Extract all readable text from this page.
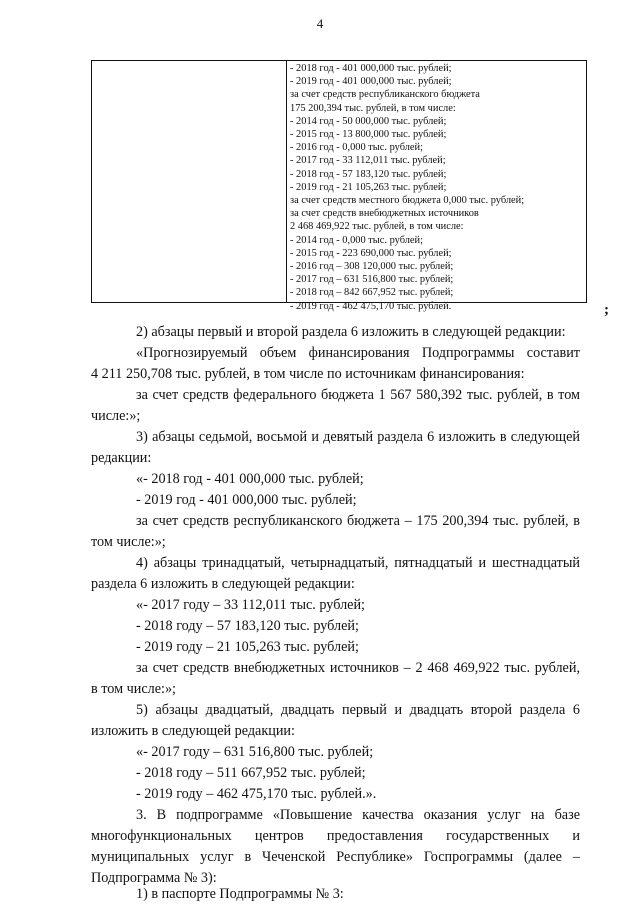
4
- 2018 год - 401 000,000 тыс. рублей;
- 2019 год - 401 000,000 тыс. рублей;
за счет средств республиканского бюджета
175 200,394 тыс. рублей, в том числе:
- 2014 год - 50 000,000 тыс. рублей;
- 2015 год - 13 800,000 тыс. рублей;
- 2016 год - 0,000 тыс. рублей;
- 2017 год - 33 112,011 тыс. рублей;
- 2018 год - 57 183,120 тыс. рублей;
- 2019 год - 21 105,263 тыс. рублей;
за счет средств местного бюджета 0,000 тыс. рублей;
за счет средств внебюджетных источников
2 468 469,922 тыс. рублей, в том числе:
- 2014 год - 0,000 тыс. рублей;
- 2015 год - 223 690,000 тыс. рублей;
- 2016 год – 308 120,000 тыс. рублей;
- 2017 год – 631 516,800 тыс. рублей;
- 2018 год – 842 667,952 тыс. рублей;
- 2019 год - 462 475,170 тыс. рублей.	;
2) абзацы первый и второй раздела 6 изложить в следующей редакции:
«Прогнозируемый объем финансирования Подпрограммы составит
4 211 250,708 тыс. рублей, в том числе по источникам финансирования:
за счет средств федерального бюджета 1 567 580,392 тыс. рублей, в том
числе:»;
3) абзацы седьмой, восьмой и девятый раздела 6 изложить в следующей
редакции:
«- 2018 год - 401 000,000 тыс. рублей;
- 2019 год - 401 000,000 тыс. рублей;
за счет средств республиканского бюджета – 175 200,394 тыс. рублей, в
том числе:»;
4) абзацы тринадцатый, четырнадцатый, пятнадцатый и шестнадцатый
раздела 6 изложить в следующей редакции:
«- 2017 году – 33 112,011 тыс. рублей;
- 2018 году – 57 183,120 тыс. рублей;
- 2019 году – 21 105,263 тыс. рублей;
за счет средств внебюджетных источников – 2 468 469,922 тыс. рублей,
в том числе:»;
5) абзацы двадцатый, двадцать первый и двадцать второй раздела 6
изложить в следующей редакции:
«- 2017 году – 631 516,800 тыс. рублей;
- 2018 году – 511 667,952 тыс. рублей;
- 2019 году – 462 475,170 тыс. рублей.».
3. В подпрограмме «Повышение качества оказания услуг на базе
многофункциональных центров предоставления государственных и
муниципальных услуг в Чеченской Республике» Госпрограммы (далее –
Подпрограмма № 3):
1) в паспорте Подпрограммы № 3:
